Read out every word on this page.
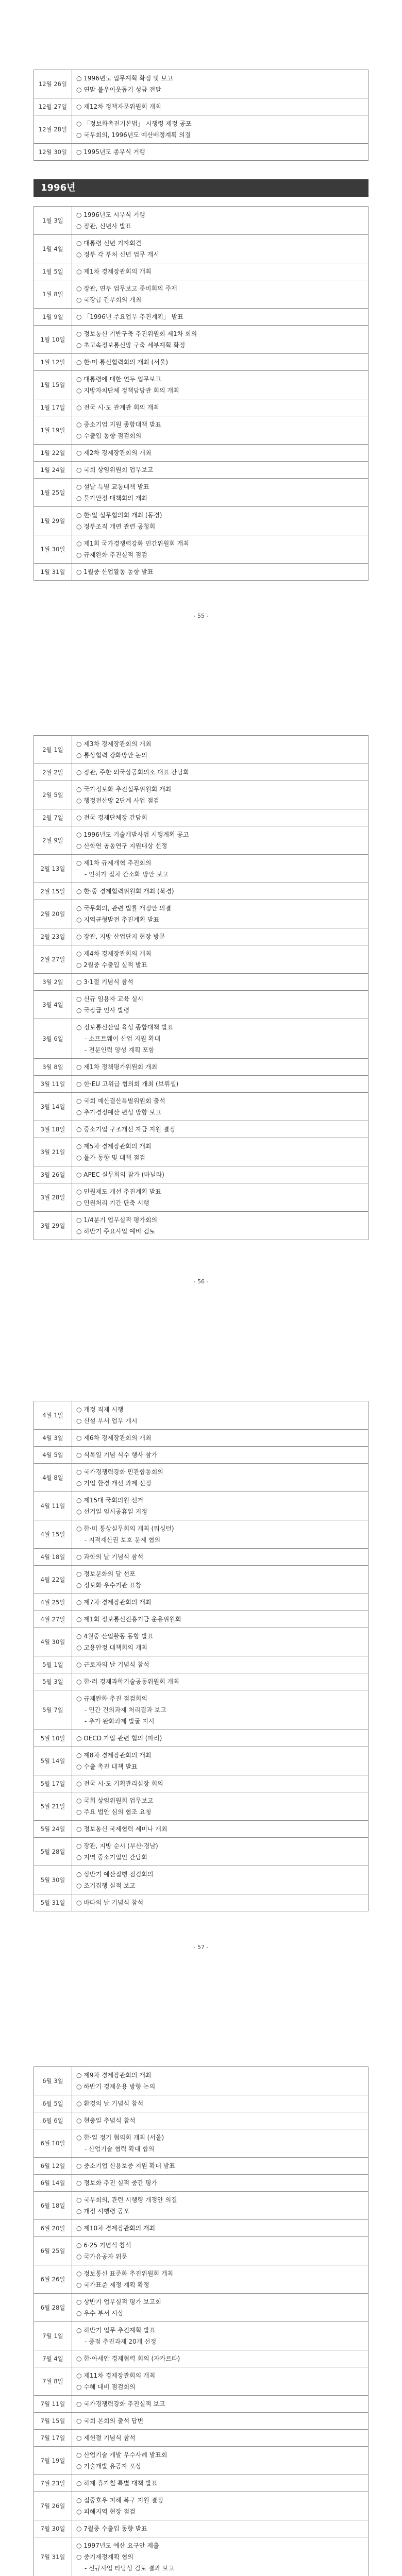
12월 26일	○ 1996년도 업무계획 확정 및 보고
○ 연말 불우이웃돕기 성금 전달

12월 27일	○ 제12차 정책자문위원회 개최

12월 28일	○ 「정보화촉진기본법」 시행령 제정 공포
○ 국무회의, 1996년도 예산배정계획 의결

12월 30일	○ 1995년도 종무식 거행
1996년
1월 3일	○ 1996년도 시무식 거행
○ 장관, 신년사 발표

1월 4일	○ 대통령 신년 기자회견
○ 정부 각 부처 신년 업무 개시

1월 5일	○ 제1차 경제장관회의 개최

1월 8일	○ 장관, 연두 업무보고 준비회의 주재
○ 국장급 간부회의 개최

1월 9일	○ 「1996년 주요업무 추진계획」 발표

1월 10일	○ 정보통신 기반구축 추진위원회 제1차 회의
○ 초고속정보통신망 구축 세부계획 확정

1월 12일	○ 한·미 통신협력회의 개최 (서울)

1월 15일	○ 대통령에 대한 연두 업무보고
○ 지방자치단체 정책담당관 회의 개최

1월 17일	○ 전국 시·도 관계관 회의 개최

1월 19일	○ 중소기업 지원 종합대책 발표
○ 수출입 동향 점검회의

1월 22일	○ 제2차 경제장관회의 개최

1월 24일	○ 국회 상임위원회 업무보고

1월 25일	○ 설날 특별 교통대책 발표
○ 물가안정 대책회의 개최

1월 29일	○ 한·일 실무협의회 개최 (동경)
○ 정부조직 개편 관련 공청회

1월 30일	○ 제1회 국가경쟁력강화 민간위원회 개최
○ 규제완화 추진실적 점검

1월 31일	○ 1월중 산업활동 동향 발표
- 55 -
2월 1일	○ 제3차 경제장관회의 개최
○ 통상협력 강화방안 논의

2월 2일	○ 장관, 주한 외국상공회의소 대표 간담회

2월 5일	○ 국가정보화 추진실무위원회 개최
○ 행정전산망 2단계 사업 점검

2월 7일	○ 전국 경제단체장 간담회

2월 9일	○ 1996년도 기술개발사업 시행계획 공고
○ 산학연 공동연구 지원대상 선정

2월 13일	○ 제1차 규제개혁 추진회의
- 인허가 절차 간소화 방안 보고

2월 15일	○ 한·중 경제협력위원회 개최 (북경)

2월 20일	○ 국무회의, 관련 법률 개정안 의결
○ 지역균형발전 추진계획 발표

2월 23일	○ 장관, 지방 산업단지 현장 방문

2월 27일	○ 제4차 경제장관회의 개최
○ 2월중 수출입 실적 발표

3월 2일	○ 3·1절 기념식 참석

3월 4일	○ 신규 임용자 교육 실시
○ 국장급 인사 발령

3월 6일	○ 정보통신산업 육성 종합대책 발표
- 소프트웨어 산업 지원 확대
- 전문인력 양성 계획 포함

3월 8일	○ 제1차 정책평가위원회 개최

3월 11일	○ 한·EU 고위급 협의회 개최 (브뤼셀)

3월 14일	○ 국회 예산결산특별위원회 출석
○ 추가경정예산 편성 방향 보고

3월 18일	○ 중소기업 구조개선 자금 지원 결정

3월 21일	○ 제5차 경제장관회의 개최
○ 물가 동향 및 대책 점검

3월 26일	○ APEC 실무회의 참가 (마닐라)

3월 28일	○ 민원제도 개선 추진계획 발표
○ 민원처리 기간 단축 시행

3월 29일	○ 1/4분기 업무실적 평가회의
○ 하반기 주요사업 예비 검토
- 56 -
4월 1일	○ 개정 직제 시행
○ 신설 부서 업무 개시

4월 3일	○ 제6차 경제장관회의 개최

4월 5일	○ 식목일 기념 식수 행사 참가

4월 8일	○ 국가경쟁력강화 민관합동회의
○ 기업 환경 개선 과제 선정

4월 11일	○ 제15대 국회의원 선거
○ 선거일 임시공휴일 지정

4월 15일	○ 한·미 통상실무회의 개최 (워싱턴)
- 지적재산권 보호 문제 협의

4월 18일	○ 과학의 날 기념식 참석

4월 22일	○ 정보문화의 달 선포
○ 정보화 우수기관 표창

4월 25일	○ 제7차 경제장관회의 개최

4월 27일	○ 제1회 정보통신진흥기금 운용위원회

4월 30일	○ 4월중 산업활동 동향 발표
○ 고용안정 대책회의 개최

5월 1일	○ 근로자의 날 기념식 참석

5월 3일	○ 한·러 경제과학기술공동위원회 개최

5월 7일	○ 규제완화 추진 점검회의
- 민간 건의과제 처리결과 보고
- 추가 완화과제 발굴 지시

5월 10일	○ OECD 가입 관련 협의 (파리)

5월 14일	○ 제8차 경제장관회의 개최
○ 수출 촉진 대책 발표

5월 17일	○ 전국 시·도 기획관리실장 회의

5월 21일	○ 국회 상임위원회 업무보고
○ 주요 법안 심의 협조 요청

5월 24일	○ 정보통신 국제협력 세미나 개최

5월 28일	○ 장관, 지방 순시 (부산·경남)
○ 지역 중소기업인 간담회

5월 30일	○ 상반기 예산집행 점검회의
○ 조기집행 실적 보고

5월 31일	○ 바다의 날 기념식 참석
- 57 -
6월 3일	○ 제9차 경제장관회의 개최
○ 하반기 경제운용 방향 논의

6월 5일	○ 환경의 날 기념식 참석

6월 6일	○ 현충일 추념식 참석

6월 10일	○ 한·일 정기 협의회 개최 (서울)
- 산업기술 협력 확대 합의

6월 12일	○ 중소기업 신용보증 지원 확대 발표

6월 14일	○ 정보화 추진 실적 중간 평가

6월 18일	○ 국무회의, 관련 시행령 개정안 의결
○ 개정 시행령 공포

6월 20일	○ 제10차 경제장관회의 개최

6월 25일	○ 6·25 기념식 참석
○ 국가유공자 위문

6월 26일	○ 정보통신 표준화 추진위원회 개최
○ 국가표준 제정 계획 확정

6월 28일	○ 상반기 업무실적 평가 보고회
○ 우수 부서 시상

7월 1일	○ 하반기 업무 추진계획 발표
- 중점 추진과제 20개 선정

7월 4일	○ 한·아세안 경제협력 회의 (자카르타)

7월 8일	○ 제11차 경제장관회의 개최
○ 수해 대비 점검회의

7월 11일	○ 국가경쟁력강화 추진실적 보고

7월 15일	○ 국회 본회의 출석 답변

7월 17일	○ 제헌절 기념식 참석

7월 19일	○ 산업기술 개발 우수사례 발표회
○ 기술개발 유공자 포상

7월 23일	○ 하계 휴가철 특별 대책 발표

7월 26일	○ 집중호우 피해 복구 지원 결정
○ 피해지역 현장 점검

7월 30일	○ 7월중 수출입 동향 발표

7월 31일	○ 1997년도 예산 요구안 제출
○ 중기재정계획 협의
- 신규사업 타당성 검토 결과 보고
